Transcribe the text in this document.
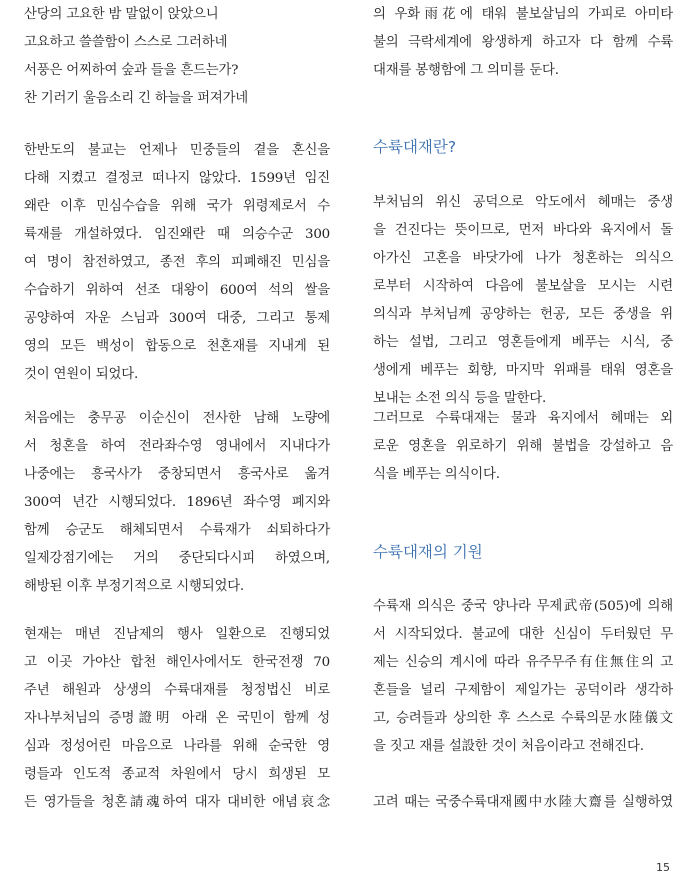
산당의 고요한 밤 말없이 앉았으니
고요하고 쓸쓸함이 스스로 그러하네
서풍은 어찌하여 숲과 들을 흔드는가?
찬 기러기 울음소리 긴 하늘을 퍼져가네
한반도의 불교는 언제나 민중들의 곁을 혼신을
다해 지켰고 결정코 떠나지 않았다. 1599년 임진
왜란 이후 민심수습을 위해 국가 위령제로서 수
륙재를 개설하였다. 임진왜란 때 의승수군 300
여 명이 참전하였고, 종전 후의 피폐해진 민심을
수습하기 위하여 선조 대왕이 600여 석의 쌀을
공양하여 자운 스님과 300여 대중, 그리고 통제
영의 모든 백성이 합동으로 천혼재를 지내게 된
것이 연원이 되었다.
처음에는 충무공 이순신이 전사한 남해 노량에
서 청혼을 하여 전라좌수영 영내에서 지내다가
나중에는 흥국사가 중창되면서 흥국사로 옮겨
300여 년간 시행되었다. 1896년 좌수영 폐지와
함께 승군도 해체되면서 수륙재가 쇠퇴하다가
일제강점기에는 거의 중단되다시피 하였으며,
해방된 이후 부정기적으로 시행되었다.
현재는 매년 진남제의 행사 일환으로 진행되었
고 이곳 가야산 합천 해인사에서도 한국전쟁 70
주년 해원과 상생의 수륙대재를 청정법신 비로
자나부처님의 증명證明 아래 온 국민이 함께 성
심과 정성어린 마음으로 나라를 위해 순국한 영
령들과 인도적 종교적 차원에서 당시 희생된 모
든 영가들을 청혼請魂하여 대자 대비한 애념哀念
의 우화雨花에 태워 불보살님의 가피로 아미타
불의 극락세계에 왕생하게 하고자 다 함께 수륙
대재를 봉행함에 그 의미를 둔다.
수륙대재란?
부처님의 위신 공덕으로 악도에서 헤매는 중생
을 건진다는 뜻이므로, 먼저 바다와 육지에서 돌
아가신 고혼을 바닷가에 나가 청혼하는 의식으
로부터 시작하여 다음에 불보살을 모시는 시련
의식과 부처님께 공양하는 헌공, 모든 중생을 위
하는 설법, 그리고 영혼들에게 베푸는 시식, 중
생에게 베푸는 회향, 마지막 위패를 태워 영혼을
보내는 소전 의식 등을 말한다.
그러므로 수륙대재는 물과 육지에서 헤매는 외
로운 영혼을 위로하기 위해 불법을 강설하고 음
식을 베푸는 의식이다.
수륙대재의 기원
수륙재 의식은 중국 양나라 무제武帝(505)에 의해
서 시작되었다. 불교에 대한 신심이 두터웠던 무
제는 신승의 계시에 따라 유주무주有住無住의 고
혼들을 널리 구제함이 제일가는 공덕이라 생각하
고, 승려들과 상의한 후 스스로 수륙의문水陸儀文
을 짓고 재를 설設한 것이 처음이라고 전해진다.
고려 때는 국중수륙대재國中水陸大齋를 실행하였
15
